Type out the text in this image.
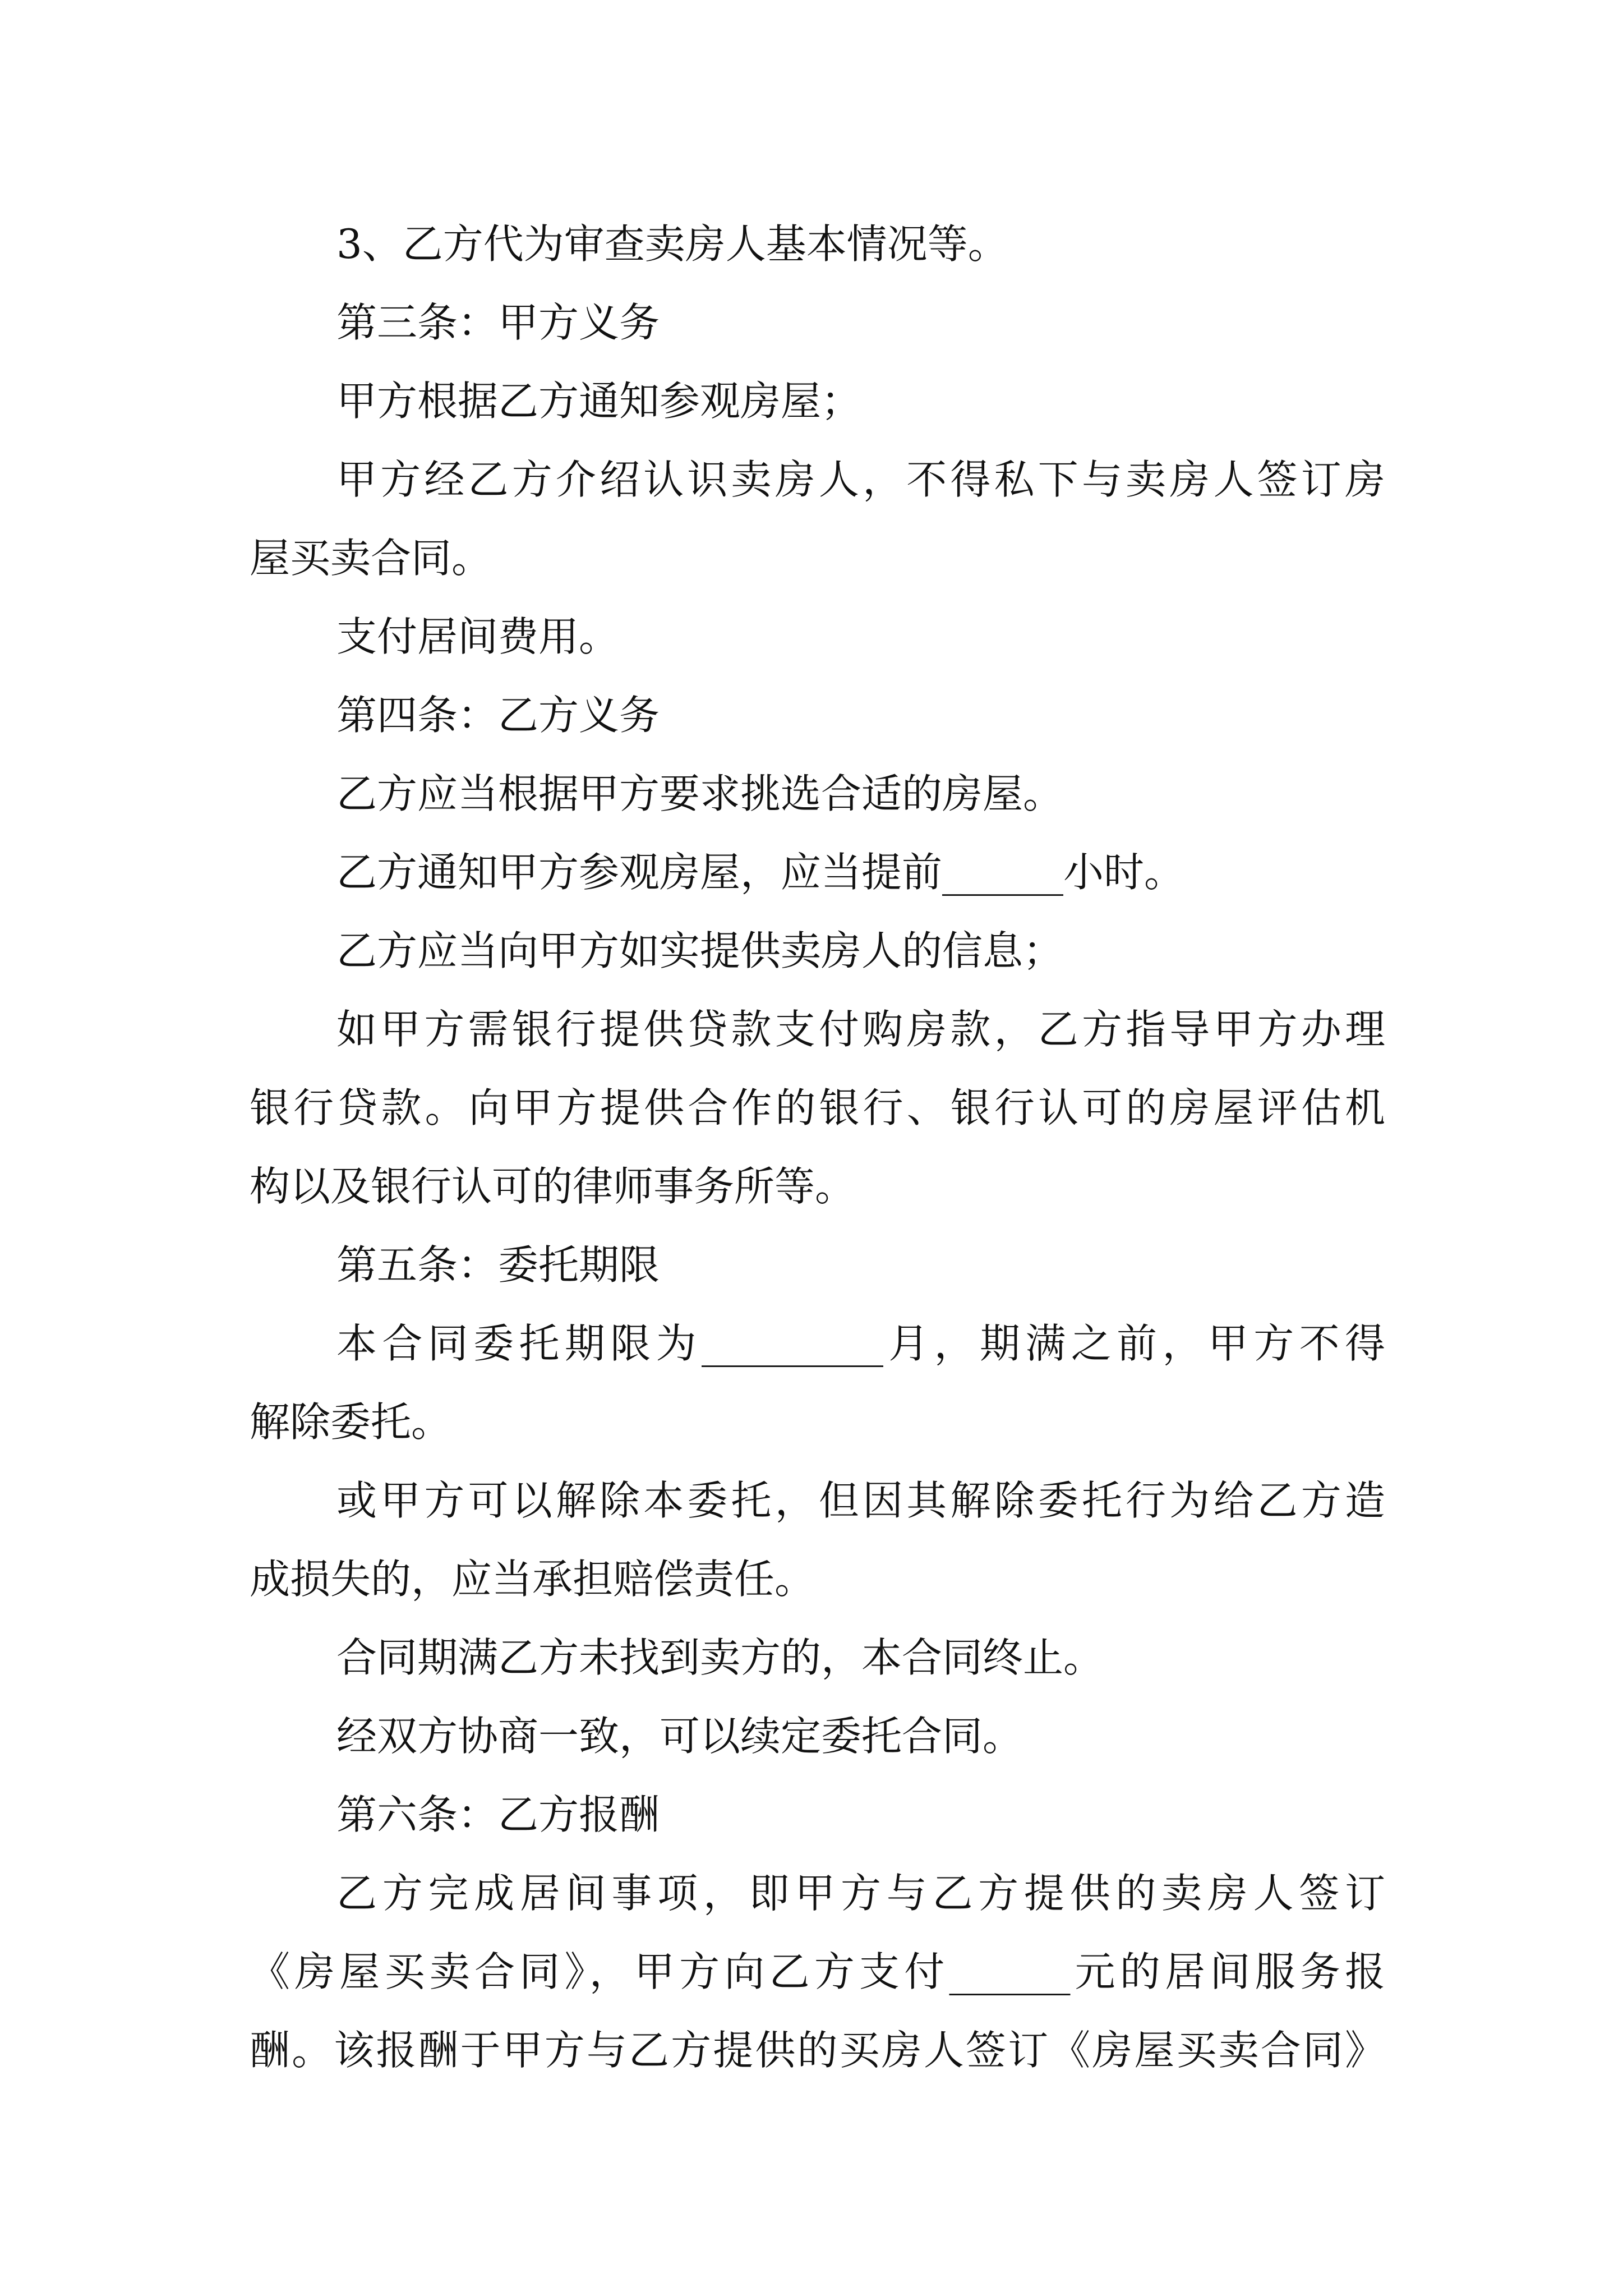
3、乙方代为审查卖房人基本情况等。
第三条：甲方义务
甲方根据乙方通知参观房屋；
甲方经乙方介绍认识卖房人，不得私下与卖房人签订房
屋买卖合同。
支付居间费用。
第四条：乙方义务
乙方应当根据甲方要求挑选合适的房屋。
乙方通知甲方参观房屋，应当提前______小时。
乙方应当向甲方如实提供卖房人的信息；
如甲方需银行提供贷款支付购房款，乙方指导甲方办理
银行贷款。向甲方提供合作的银行、银行认可的房屋评估机
构以及银行认可的律师事务所等。
第五条：委托期限
本合同委托期限为_________月，期满之前，甲方不得
解除委托。
或甲方可以解除本委托，但因其解除委托行为给乙方造
成损失的，应当承担赔偿责任。
合同期满乙方未找到卖方的，本合同终止。
经双方协商一致，可以续定委托合同。
第六条：乙方报酬
乙方完成居间事项，即甲方与乙方提供的卖房人签订
《房屋买卖合同》，甲方向乙方支付______元的居间服务报
酬。该报酬于甲方与乙方提供的买房人签订《房屋买卖合同》
